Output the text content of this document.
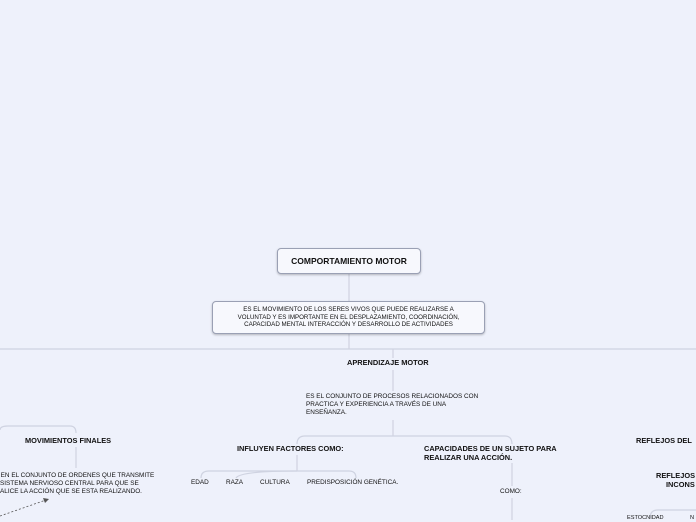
COMPORTAMIENTO MOTOR
ES EL MOVIMIENTO DE LOS SERES VIVOS QUE PUEDE REALIZARSE A VOLUNTAD Y ES IMPORTANTE EN EL DESPLAZAMIENTO, COORDINACIÓN, CAPACIDAD MENTAL INTERACCIÓN Y DESARROLLO DE ACTIVIDADES
APRENDIZAJE MOTOR
ES EL CONJUNTO DE PROCESOS RELACIONADOS CON PRACTICA Y EXPERIENCIA A TRAVÉS DE UNA ENSEÑANZA.
INFLUYEN FACTORES COMO:
EDAD	RAZA	CULTURA	PREDISPOSICIÓN GENÉTICA.
CAPACIDADES DE UN SUJETO PARA REALIZAR UNA ACCIÓN.
COMO:
MOVIMIENTOS FINALES
EN EL CONJUNTO DE ORDENES QUE TRANSMITE
SISTEMA NERVIOSO CENTRAL PARA QUE SE
ALICE LA ACCIÓN QUE SE ESTA REALIZANDO.
REFLEJOS DEL
REFLEJOS
INCONS
ESTOCNIDAD	N
